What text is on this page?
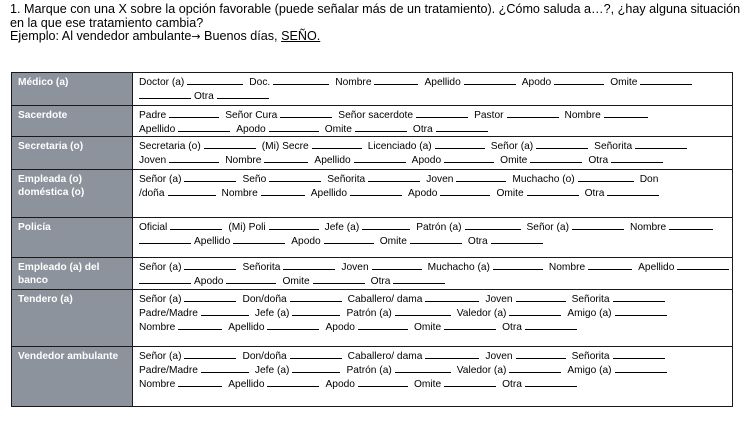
1. Marque con una X sobre la opción favorable (puede señalar más de un tratamiento). ¿Cómo saluda a…?, ¿hay alguna situación
en la que ese tratamiento cambia?
Ejemplo: Al vendedor ambulante→ Buenos días, SEÑO.
Médico (a)	Doctor (a) Doc. Nombre Apellido Apodo Omite
Otra

Sacerdote	Padre Señor Cura Señor sacerdote Pastor Nombre
Apellido Apodo Omite Otra

Secretaria (o)	Secretaria (o) (Mi) Secre Licenciado (a) Señor (a) Señorita
Joven Nombre Apellido Apodo Omite Otra

Empleada (o) doméstica (o)	Señor (a) Seño Señorita Joven Muchacho (o) Don
/doña Nombre Apellido Apodo Omite Otra

Policía	Oficial (Mi) Poli Jefe (a) Patrón (a) Señor (a) Nombre
Apellido Apodo Omite Otra

Empleado (a) del banco	Señor (a) Señorita Joven Muchacho (a) Nombre Apellido
Apodo Omite Otra

Tendero (a)	Señor (a) Don/doña Caballero/ dama Joven Señorita
Padre/Madre Jefe (a) Patrón (a) Valedor (a) Amigo (a)
Nombre Apellido Apodo Omite Otra

Vendedor ambulante	Señor (a) Don/doña Caballero/ dama Joven Señorita
Padre/Madre Jefe (a) Patrón (a) Valedor (a) Amigo (a)
Nombre Apellido Apodo Omite Otra
